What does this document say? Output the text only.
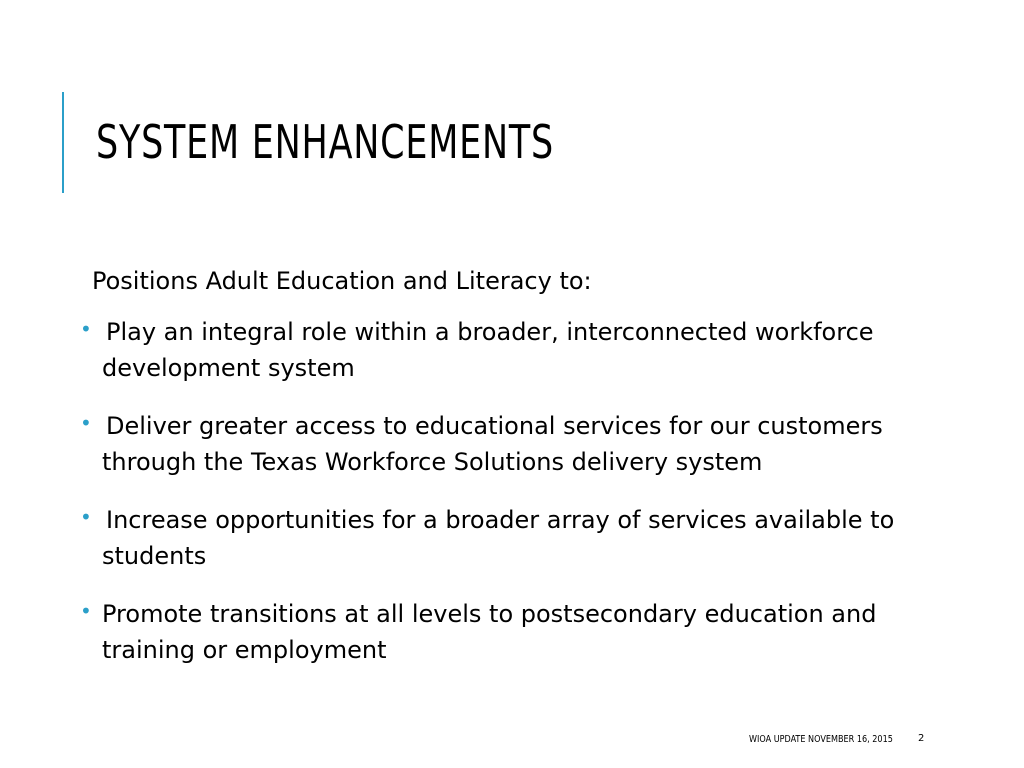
SYSTEM ENHANCEMENTS

Positions Adult Education and Literacy to:

• Play an integral role within a broader, interconnected workforce development system
• Deliver greater access to educational services for our customers through the Texas Workforce Solutions delivery system
• Increase opportunities for a broader array of services available to students
• Promote transitions at all levels to postsecondary education and training or employment
WIOA UPDATE NOVEMBER 16, 2015	2
